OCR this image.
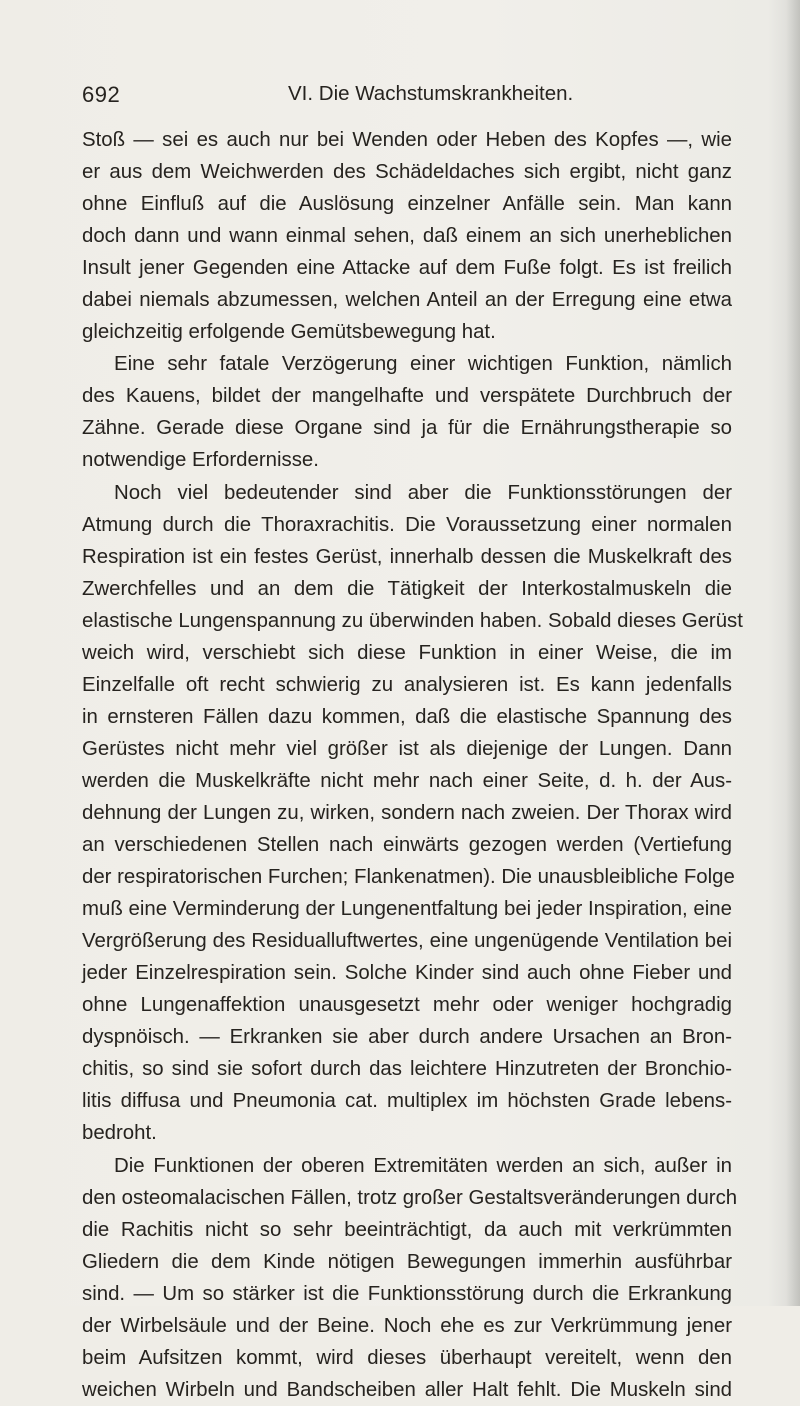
692	VI. Die Wachstumskrankheiten.
Stoß — sei es auch nur bei Wenden oder Heben des Kopfes —, wie
er aus dem Weichwerden des Schädeldaches sich ergibt, nicht ganz
ohne Einfluß auf die Auslösung einzelner Anfälle sein. Man kann
doch dann und wann einmal sehen, daß einem an sich unerheblichen
Insult jener Gegenden eine Attacke auf dem Fuße folgt. Es ist freilich
dabei niemals abzumessen, welchen Anteil an der Erregung eine etwa
gleichzeitig erfolgende Gemütsbewegung hat.
Eine sehr fatale Verzögerung einer wichtigen Funktion, nämlich
des Kauens, bildet der mangelhafte und verspätete Durchbruch der
Zähne. Gerade diese Organe sind ja für die Ernährungstherapie so
notwendige Erfordernisse.
Noch viel bedeutender sind aber die Funktionsstörungen der
Atmung durch die Thoraxrachitis. Die Voraussetzung einer normalen
Respiration ist ein festes Gerüst, innerhalb dessen die Muskelkraft des
Zwerchfelles und an dem die Tätigkeit der Interkostalmuskeln die
elastische Lungenspannung zu überwinden haben. Sobald dieses Gerüst
weich wird, verschiebt sich diese Funktion in einer Weise, die im
Einzelfalle oft recht schwierig zu analysieren ist. Es kann jedenfalls
in ernsteren Fällen dazu kommen, daß die elastische Spannung des
Gerüstes nicht mehr viel größer ist als diejenige der Lungen. Dann
werden die Muskelkräfte nicht mehr nach einer Seite, d. h. der Aus-
dehnung der Lungen zu, wirken, sondern nach zweien. Der Thorax wird
an verschiedenen Stellen nach einwärts gezogen werden (Vertiefung
der respiratorischen Furchen; Flankenatmen). Die unausbleibliche Folge
muß eine Verminderung der Lungenentfaltung bei jeder Inspiration, eine
Vergrößerung des Residualluftwertes, eine ungenügende Ventilation bei
jeder Einzelrespiration sein. Solche Kinder sind auch ohne Fieber und
ohne Lungenaffektion unausgesetzt mehr oder weniger hochgradig
dyspnöisch. — Erkranken sie aber durch andere Ursachen an Bron-
chitis, so sind sie sofort durch das leichtere Hinzutreten der Bronchio-
litis diffusa und Pneumonia cat. multiplex im höchsten Grade lebens-
bedroht.
Die Funktionen der oberen Extremitäten werden an sich, außer in
den osteomalacischen Fällen, trotz großer Gestaltsveränderungen durch
die Rachitis nicht so sehr beeinträchtigt, da auch mit verkrümmten
Gliedern die dem Kinde nötigen Bewegungen immerhin ausführbar
sind. — Um so stärker ist die Funktionsstörung durch die Erkrankung
der Wirbelsäule und der Beine. Noch ehe es zur Verkrümmung jener
beim Aufsitzen kommt, wird dieses überhaupt vereitelt, wenn den
weichen Wirbeln und Bandscheiben aller Halt fehlt. Die Muskeln sind
